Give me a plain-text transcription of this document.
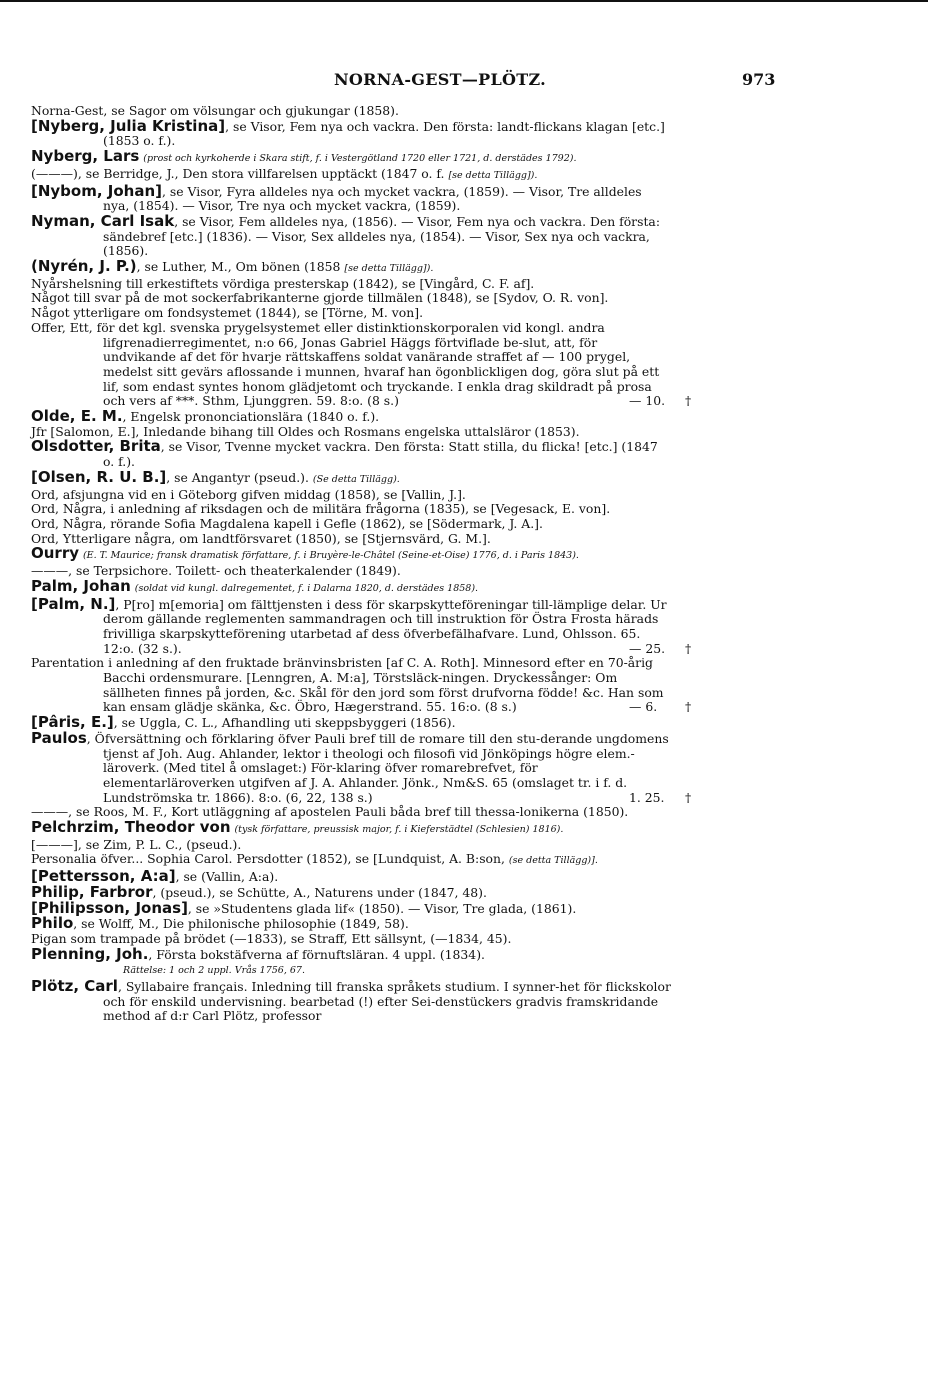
NORNA-GEST—PLÖTZ.	973
Norna-Gest, se Sagor om völsungar och gjukungar (1858).
[Nyberg, Julia Kristina], se Visor, Fem nya och vackra. Den första: landt-flickans klagan [etc.] (1853 o. f.).
Nyberg, Lars (prost och kyrkoherde i Skara stift, f. i Vestergötland 1720 eller 1721, d. derstädes 1792).
(———), se Berridge, J., Den stora villfarelsen upptäckt (1847 o. f. [se detta Tillägg]).
[Nybom, Johan], se Visor, Fyra alldeles nya och mycket vackra, (1859). — Visor, Tre alldeles nya, (1854). — Visor, Tre nya och mycket vackra, (1859).
Nyman, Carl Isak, se Visor, Fem alldeles nya, (1856). — Visor, Fem nya och vackra. Den första: sändebref [etc.] (1836). — Visor, Sex alldeles nya, (1854). — Visor, Sex nya och vackra, (1856).
(Nyrén, J. P.), se Luther, M., Om bönen (1858 [se detta Tillägg]).
Nyårshelsning till erkestiftets vördiga presterskap (1842), se [Vingård, C. F. af].
Något till svar på de mot sockerfabrikanterne gjorde tillmälen (1848), se [Sydov, O. R. von].
Något ytterligare om fondsystemet (1844), se [Törne, M. von].
Offer, Ett, för det kgl. svenska prygelsystemet eller distinktionskorporalen vid kongl. andra lifgrenadierregimentet, n:o 66, Jonas Gabriel Häggs förtviflade be-slut, att, för undvikande af det för hvarje rättskaffens soldat vanärande straffet af — 100 prygel, medelst sitt gevärs aflossande i munnen, hvaraf han ögonblickligen dog, göra slut på ett lif, som endast syntes honom glädjetomt och tryckande. I enkla drag skildradt på prosa och vers af ***. Sthm, Ljunggren. 59. 8:o. (8 s.)	— 10.	†
Olde, E. M., Engelsk prononciationslära (1840 o. f.).
Jfr [Salomon, E.], Inledande bihang till Oldes och Rosmans engelska uttalsläror (1853).
Olsdotter, Brita, se Visor, Tvenne mycket vackra. Den första: Statt stilla, du flicka! [etc.] (1847 o. f.).
[Olsen, R. U. B.], se Angantyr (pseud.). (Se detta Tillägg).
Ord, afsjungna vid en i Göteborg gifven middag (1858), se [Vallin, J.].
Ord, Några, i anledning af riksdagen och de militära frågorna (1835), se [Vegesack, E. von].
Ord, Några, rörande Sofia Magdalena kapell i Gefle (1862), se [Södermark, J. A.].
Ord, Ytterligare några, om landtförsvaret (1850), se [Stjernsvärd, G. M.].
Ourry (E. T. Maurice; fransk dramatisk författare, f. i Bruyère-le-Châtel (Seine-et-Oise) 1776, d. i Paris 1843).
———, se Terpsichore. Toilett- och theaterkalender (1849).
Palm, Johan (soldat vid kungl. dalregementet, f. i Dalarna 1820, d. derstädes 1858).
[Palm, N.], P[ro] m[emoria] om fälttjensten i dess för skarpskytteföreningar till-lämplige delar. Ur derom gällande reglementen sammandragen och till instruktion för Östra Frosta härads frivilliga skarpskytteförening utarbetad af dess öfverbefälhafvare. Lund, Ohlsson. 65. 12:o. (32 s.).	— 25.	†
Parentation i anledning af den fruktade bränvinsbristen [af C. A. Roth]. Minnesord efter en 70-årig Bacchi ordensmurare. [Lenngren, A. M:a], Törstsläck-ningen. Dryckessånger: Om sällheten finnes på jorden, &c. Skål för den jord som först drufvorna födde! &c. Han som kan ensam glädje skänka, &c. Öbro, Hægerstrand. 55. 16:o. (8 s.)	— 6.	†
[Pâris, E.], se Uggla, C. L., Afhandling uti skeppsbyggeri (1856).
Paulos, Öfversättning och förklaring öfver Pauli bref till de romare till den stu-derande ungdomens tjenst af Joh. Aug. Ahlander, lektor i theologi och filosofi vid Jönköpings högre elem.-läroverk. (Med titel å omslaget:) För-klaring öfver romarebrefvet, för elementarläroverken utgifven af J. A. Ahlander. Jönk., Nm&S. 65 (omslaget tr. i f. d. Lundströmska tr. 1866). 8:o. (6, 22, 138 s.)	1. 25.	†
———, se Roos, M. F., Kort utläggning af apostelen Pauli båda bref till thessa-lonikerna (1850).
Pelchrzim, Theodor von (tysk författare, preussisk major, f. i Kieferstädtel (Schlesien) 1816).
[———], se Zim, P. L. C., (pseud.).
Personalia öfver... Sophia Carol. Persdotter (1852), se [Lundquist, A. B:son, (se detta Tillägg)].
[Pettersson, A:a], se (Vallin, A:a).
Philip, Farbror, (pseud.), se Schütte, A., Naturens under (1847, 48).
[Philipsson, Jonas], se »Studentens glada lif« (1850). — Visor, Tre glada, (1861).
Philo, se Wolff, M., Die philonische philosophie (1849, 58).
Pigan som trampade på brödet (—1833), se Straff, Ett sällsynt, (—1834, 45).
Plenning, Joh., Första bokstäfverna af förnuftsläran. 4 uppl. (1834).
Rättelse: 1 och 2 uppl. Vrås 1756, 67.
Plötz, Carl, Syllabaire français. Inledning till franska språkets studium. I synner-het för flickskolor och för enskild undervisning. bearbetad (!) efter Sei-denstückers gradvis framskridande method af d:r Carl Plötz, professor
